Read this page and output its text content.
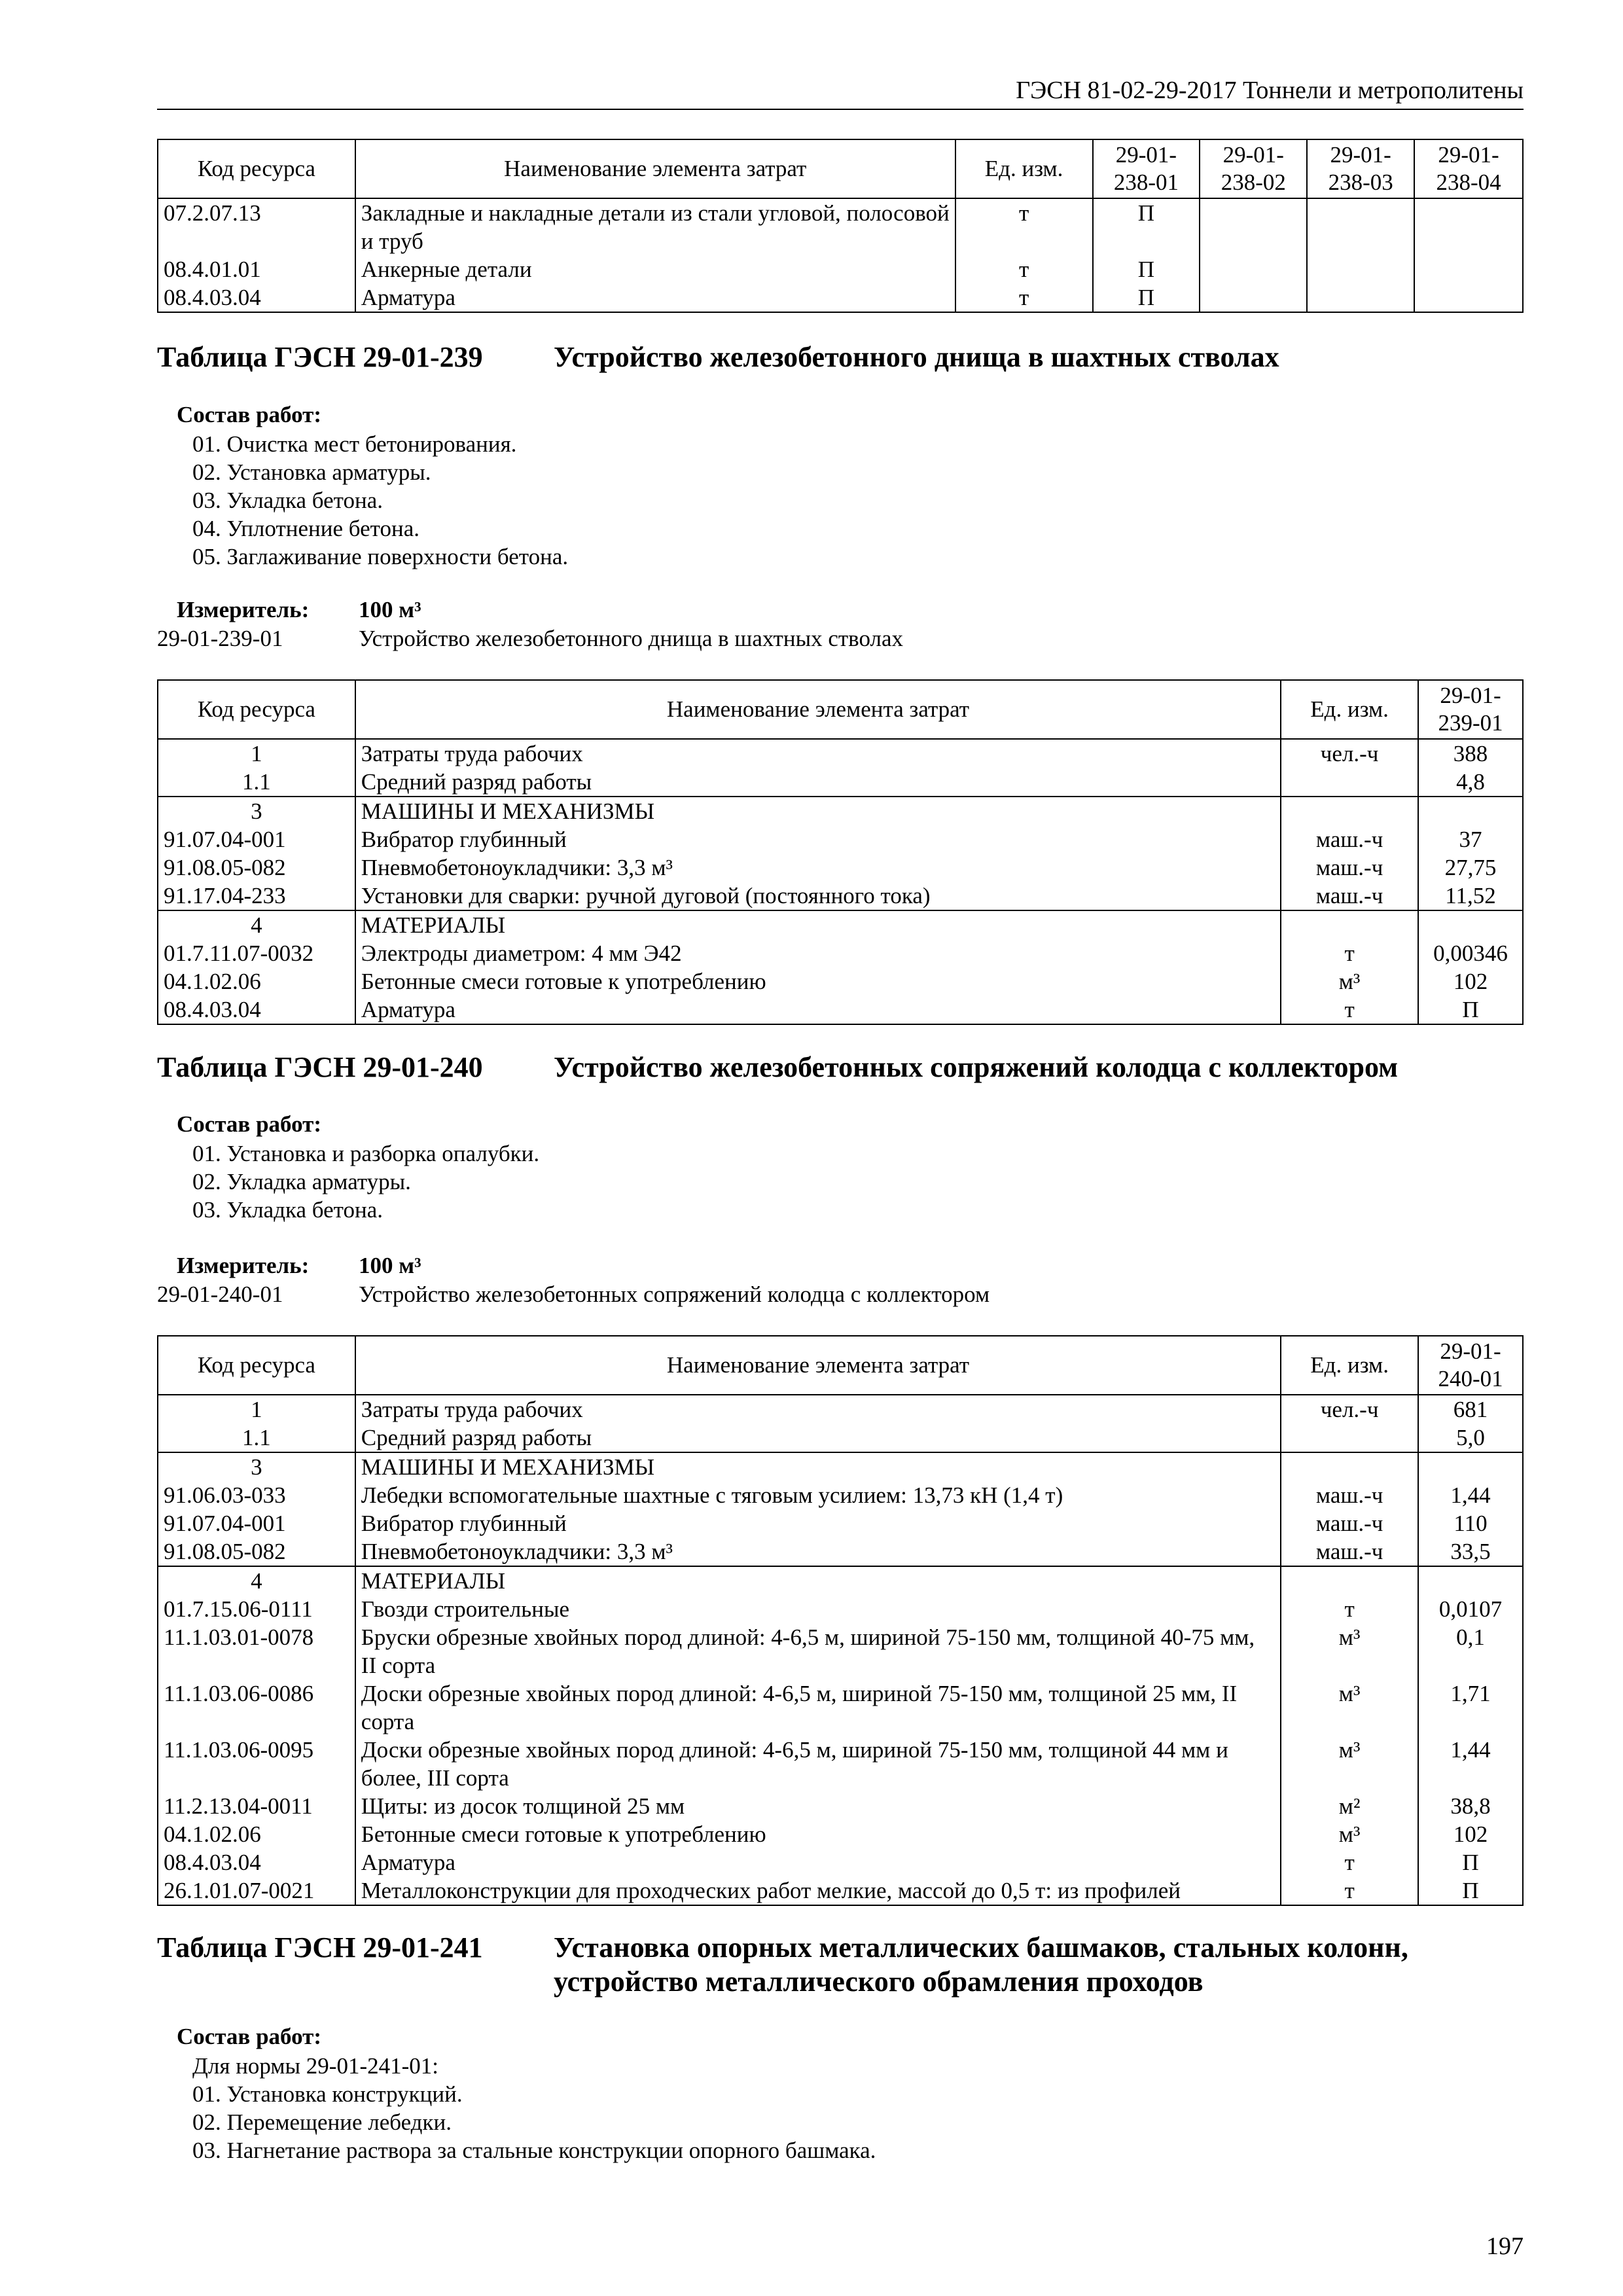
ГЭСН 81-02-29-2017 Тоннели и метрополитены
Код ресурса	Наименование элемента затрат	Ед. изм.	29-01-238-01	29-01-238-02	29-01-238-03	29-01-238-04
07.2.07.13	Закладные и накладные детали из стали угловой, полосовой и труб	т	П			
08.4.01.01	Анкерные детали	т	П			
08.4.03.04	Арматура	т	П			
Таблица ГЭСН 29-01-239 Устройство железобетонного днища в шахтных стволах
Состав работ:
01. Очистка мест бетонирования.
02. Установка арматуры.
03. Укладка бетона.
04. Уплотнение бетона.
05. Заглаживание поверхности бетона.
Измеритель: 100 м³
29-01-239-01	Устройство железобетонного днища в шахтных стволах
Код ресурса	Наименование элемента затрат	Ед. изм.	29-01-239-01
1	Затраты труда рабочих	чел.-ч	388
1.1	Средний разряд работы		4,8
3	МАШИНЫ И МЕХАНИЗМЫ		
91.07.04-001	Вибратор глубинный	маш.-ч	37
91.08.05-082	Пневмобетоноукладчики: 3,3 м³	маш.-ч	27,75
91.17.04-233	Установки для сварки: ручной дуговой (постоянного тока)	маш.-ч	11,52
4	МАТЕРИАЛЫ		
01.7.11.07-0032	Электроды диаметром: 4 мм Э42	т	0,00346
04.1.02.06	Бетонные смеси готовые к употреблению	м³	102
08.4.03.04	Арматура	т	П
Таблица ГЭСН 29-01-240 Устройство железобетонных сопряжений колодца с коллектором
Состав работ:
01. Установка и разборка опалубки.
02. Укладка арматуры.
03. Укладка бетона.
Измеритель: 100 м³
29-01-240-01	Устройство железобетонных сопряжений колодца с коллектором
Код ресурса	Наименование элемента затрат	Ед. изм.	29-01-240-01
1	Затраты труда рабочих	чел.-ч	681
1.1	Средний разряд работы		5,0
3	МАШИНЫ И МЕХАНИЗМЫ		
91.06.03-033	Лебедки вспомогательные шахтные с тяговым усилием: 13,73 кН (1,4 т)	маш.-ч	1,44
91.07.04-001	Вибратор глубинный	маш.-ч	110
91.08.05-082	Пневмобетоноукладчики: 3,3 м³	маш.-ч	33,5
4	МАТЕРИАЛЫ		
01.7.15.06-0111	Гвозди строительные	т	0,0107
11.1.03.01-0078	Бруски обрезные хвойных пород длиной: 4-6,5 м, шириной 75-150 мм, толщиной 40-75 мм, II сорта	м³	0,1
11.1.03.06-0086	Доски обрезные хвойных пород длиной: 4-6,5 м, шириной 75-150 мм, толщиной 25 мм, II сорта	м³	1,71
11.1.03.06-0095	Доски обрезные хвойных пород длиной: 4-6,5 м, шириной 75-150 мм, толщиной 44 мм и более, III сорта	м³	1,44
11.2.13.04-0011	Щиты: из досок толщиной 25 мм	м²	38,8
04.1.02.06	Бетонные смеси готовые к употреблению	м³	102
08.4.03.04	Арматура	т	П
26.1.01.07-0021	Металлоконструкции для проходческих работ мелкие, массой до 0,5 т: из профилей	т	П
Таблица ГЭСН 29-01-241 Установка опорных металлических башмаков, стальных колонн,
устройство металлического обрамления проходов
Состав работ:
Для нормы 29-01-241-01:
01. Установка конструкций.
02. Перемещение лебедки.
03. Нагнетание раствора за стальные конструкции опорного башмака.
197
